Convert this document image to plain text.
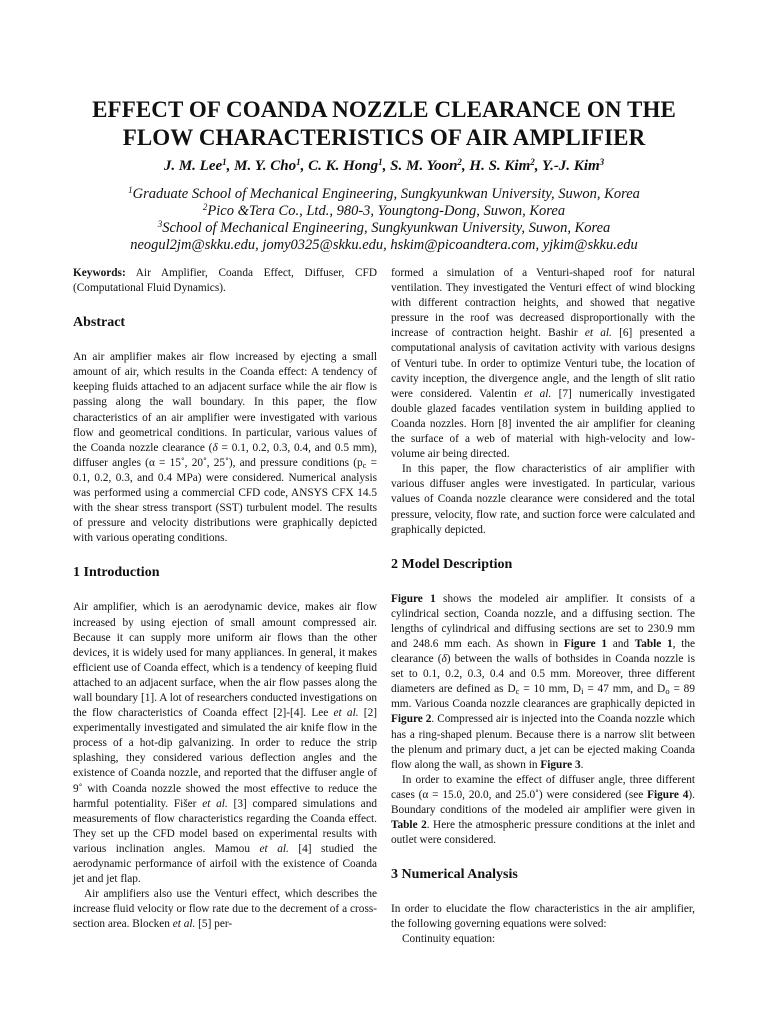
EFFECT OF COANDA NOZZLE CLEARANCE ON THE
FLOW CHARACTERISTICS OF AIR AMPLIFIER
J. M. Lee$^1$, M. Y. Cho$^1$, C. K. Hong$^1$, S. M. Yoon$^2$, H. S. Kim$^2$, Y.-J. Kim$^3$
$^1$Graduate School of Mechanical Engineering, Sungkyunkwan University, Suwon, Korea
$^2$Pico &Tera Co., Ltd., 980-3, Youngtong-Dong, Suwon, Korea
$^3$School of Mechanical Engineering, Sungkyunkwan University, Suwon, Korea
neogul2jm@skku.edu, jomy0325@skku.edu, hskim@picoandtera.com, yjkim@skku.edu

Keywords: Air Amplifier, Coanda Effect, Diffuser, CFD (Computational Fluid Dynamics).

Abstract

An air amplifier makes air flow increased by ejecting a small amount of air, which results in the Coanda effect: A tendency of keeping fluids attached to an adjacent surface while the air flow is passing along the wall boundary. In this paper, the flow characteristics of an air amplifier were investigated with various flow and geometrical conditions. In particular, various values of the Coanda nozzle clearance (δ = 0.1, 0.2, 0.3, 0.4, and 0.5 mm), diffuser angles (α = 15˚, 20˚, 25˚), and pressure conditions ($p_c = 0.1$, 0.2, 0.3, and 0.4 MPa) were considered. Numerical analysis was performed using a commercial CFD code, ANSYS CFX 14.5 with the shear stress transport (SST) turbulent model. The results of pressure and velocity distributions were graphically depicted with various operating conditions.

1 Introduction

Air amplifier, which is an aerodynamic device, makes air flow increased by using ejection of small amount compressed air. Because it can supply more uniform air flows than the other devices, it is widely used for many appliances. In general, it makes efficient use of Coanda effect, which is a tendency of keeping fluid attached to an adjacent surface, when the air flow passes along the wall boundary [1]. A lot of researchers conducted investigations on the flow characteristics of Coanda effect [2]-[4]. Lee et al. [2] experimentally investigated and simulated the air knife flow in the process of a hot-dip galvanizing. In order to reduce the strip splashing, they considered various deflection angles and the existence of Coanda nozzle, and reported that the diffuser angle of 9˚ with Coanda nozzle showed the most effective to reduce the harmful potentiality. Fišer et al. [3] compared simulations and measurements of flow characteristics regarding the Coanda effect. They set up the CFD model based on experimental results with various inclination angles. Mamou et al. [4] studied the aerodynamic performance of airfoil with the existence of Coanda jet and jet flap.

Air amplifiers also use the Venturi effect, which describes the increase fluid velocity or flow rate due to the decrement of a cross-section area. Blocken et al. [5] per-

formed a simulation of a Venturi-shaped roof for natural ventilation. They investigated the Venturi effect of wind blocking with different contraction heights, and showed that negative pressure in the roof was decreased disproportionally with the increase of contraction height. Bashir et al. [6] presented a computational analysis of cavitation activity with various designs of Venturi tube. In order to optimize Venturi tube, the location of cavity inception, the divergence angle, and the length of slit ratio were considered. Valentin et al. [7] numerically investigated double glazed facades ventilation system in building applied to Coanda nozzles. Horn [8] invented the air amplifier for cleaning the surface of a web of material with high-velocity and low-volume air being directed.

In this paper, the flow characteristics of air amplifier with various diffuser angles were investigated. In particular, various values of Coanda nozzle clearance were considered and the total pressure, velocity, flow rate, and suction force were calculated and graphically depicted.

2 Model Description

Figure 1 shows the modeled air amplifier. It consists of a cylindrical section, Coanda nozzle, and a diffusing section. The lengths of cylindrical and diffusing sections are set to 230.9 mm and 248.6 mm each. As shown in Figure 1 and Table 1, the clearance (δ) between the walls of bothsides in Coanda nozzle is set to 0.1, 0.2, 0.3, 0.4 and 0.5 mm. Moreover, three different diameters are defined as $D_c = 10$ mm, $D_i = 47$ mm, and $D_o = 89$ mm. Various Coanda nozzle clearances are graphically depicted in Figure 2. Compressed air is injected into the Coanda nozzle which has a ring-shaped plenum. Because there is a narrow slit between the plenum and primary duct, a jet can be ejected making Coanda flow along the wall, as shown in Figure 3.

In order to examine the effect of diffuser angle, three different cases (α = 15.0, 20.0, and 25.0˚) were considered (see Figure 4). Boundary conditions of the modeled air amplifier were given in Table 2. Here the atmospheric pressure conditions at the inlet and outlet were considered.

3 Numerical Analysis

In order to elucidate the flow characteristics in the air amplifier, the following governing equations were solved:

Continuity equation:
